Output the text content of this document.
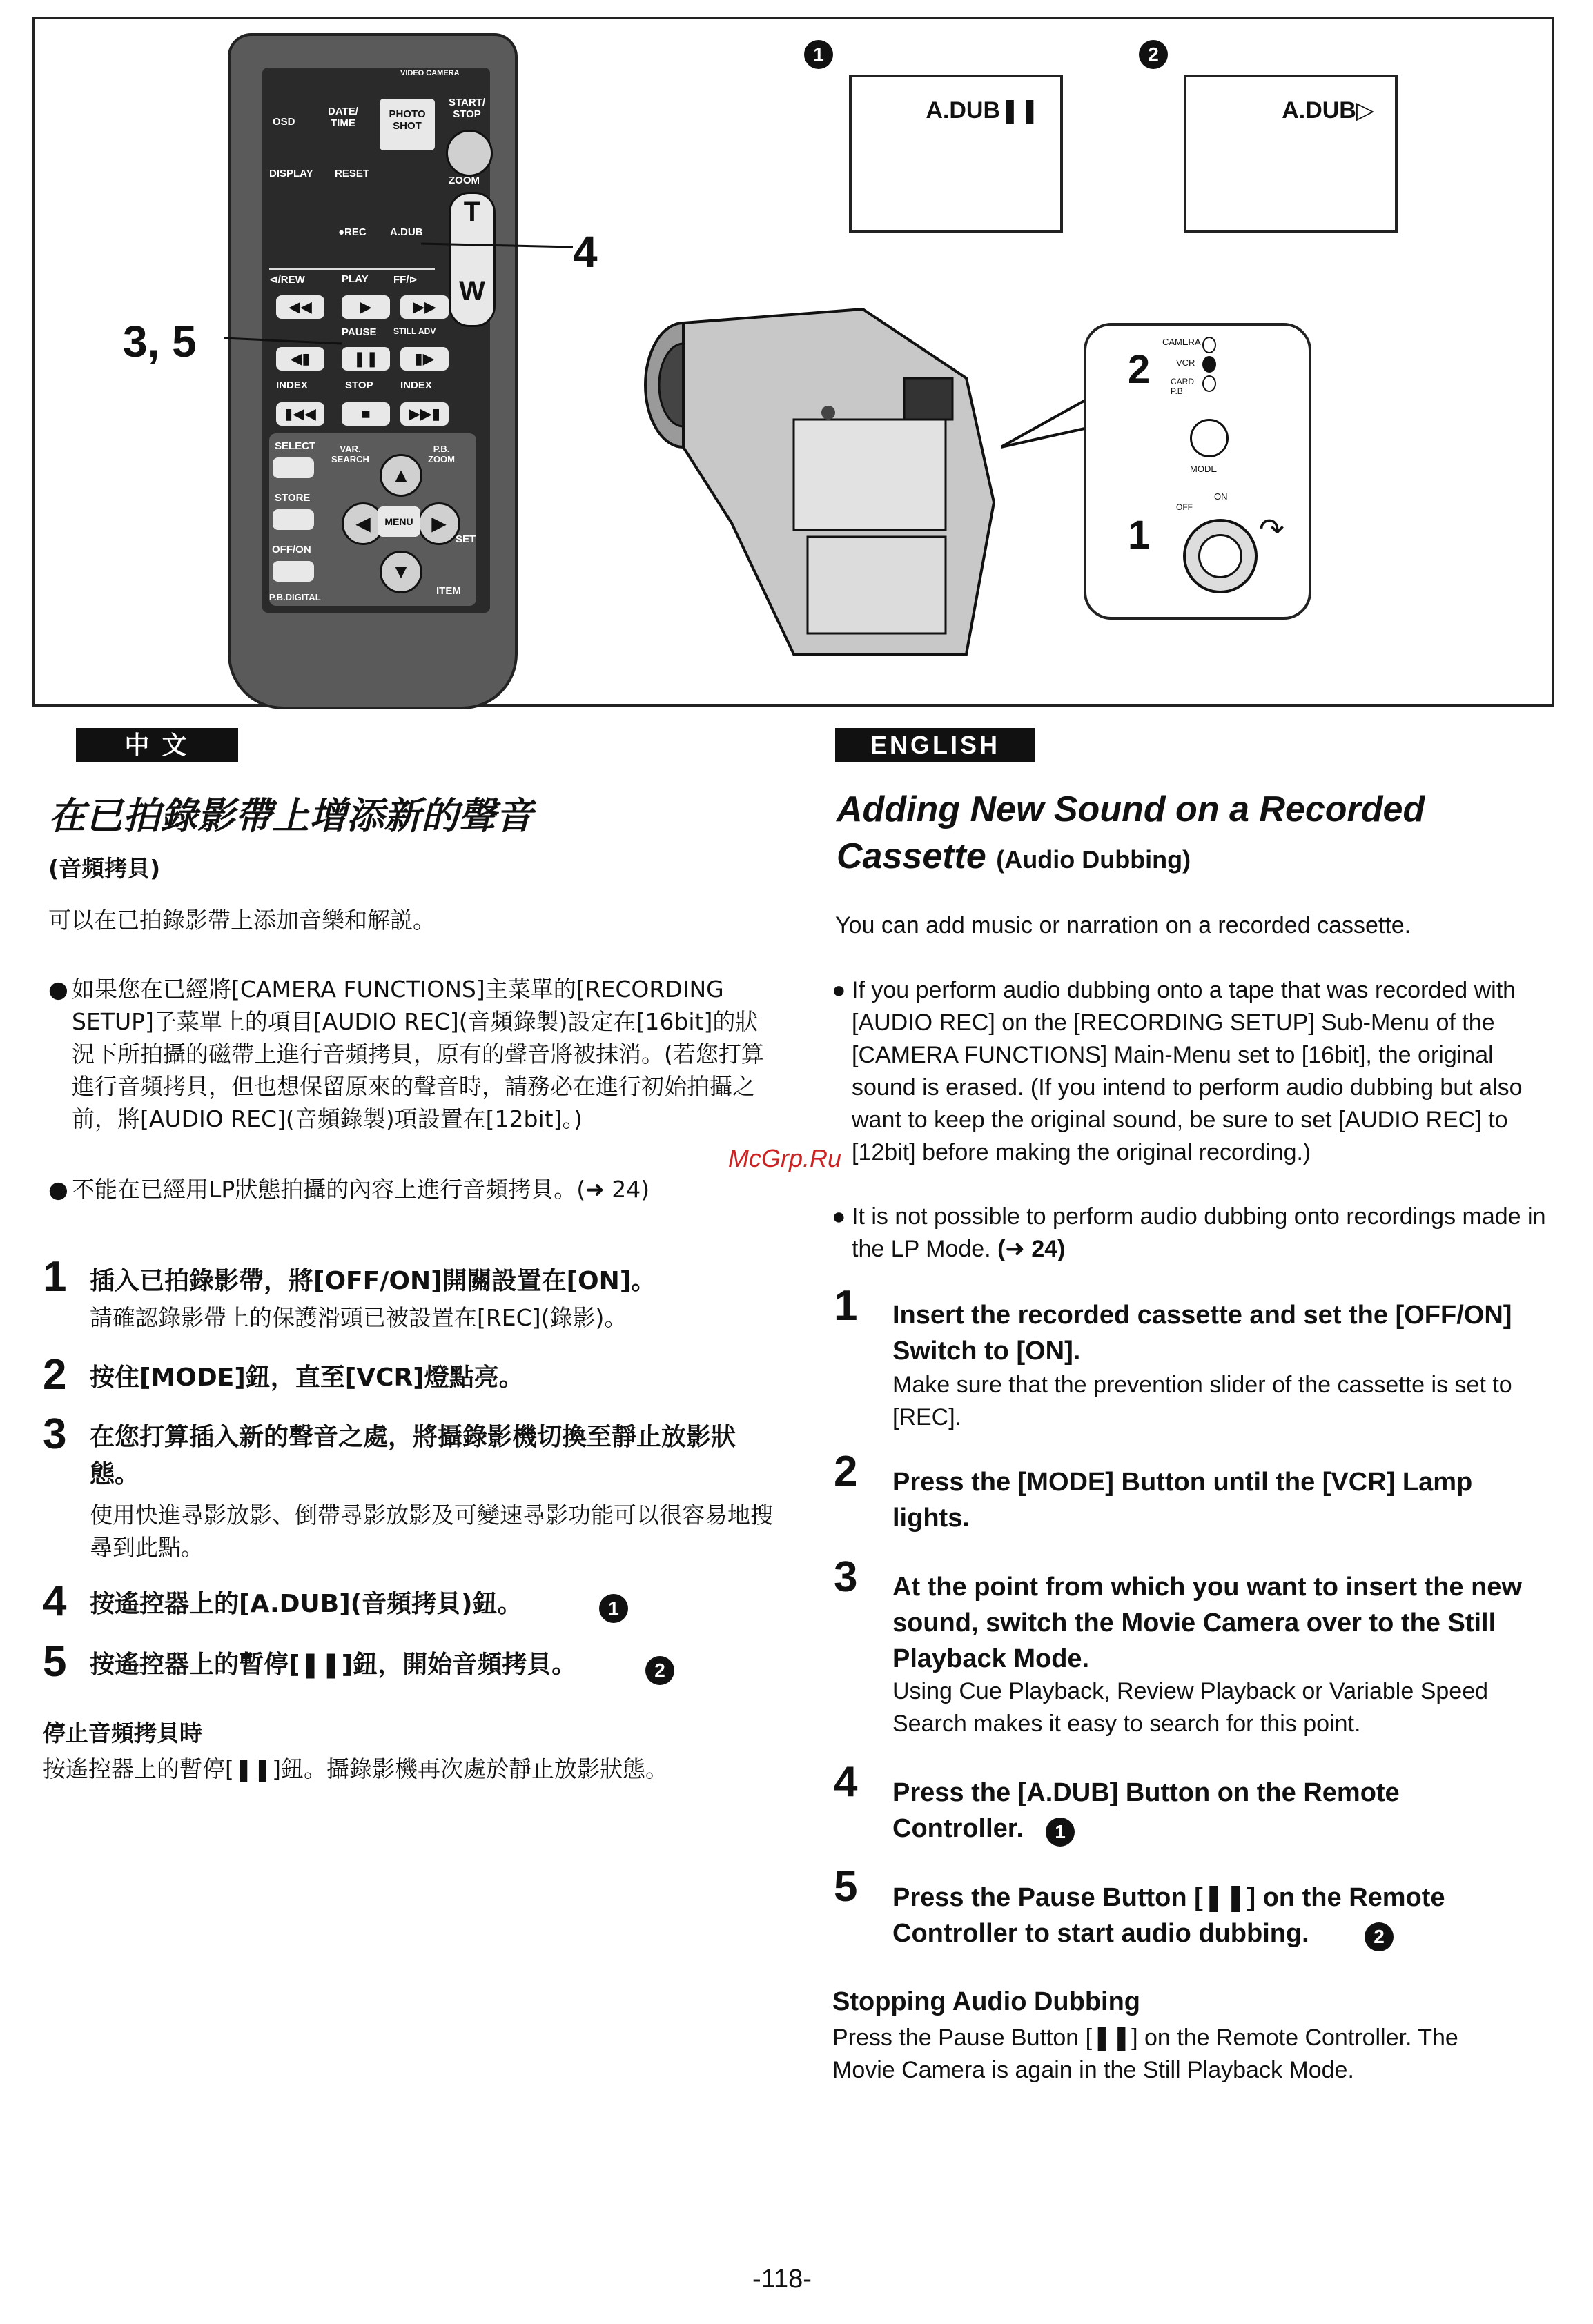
VIDEO CAMERA
OSD
DATE/
TIME
PHOTO
SHOT
START/
STOP
DISPLAY RESET
ZOOM
T
W
●REC A.DUB
⊲/REW	PLAY FF/⊳
◀◀	▶	▶▶
PAUSE STILL ADV
◀▮	❚❚	▮▶
INDEX	STOP	INDEX
▮◀◀	■	▶▶▮
SELECT
STORE
OFF/ON
P.B.DIGITAL
VAR.
SEARCH
P.B.
ZOOM
▲
◀	▶
▼
MENU
SET
ITEM
4
3, 5
1
A.DUB❚❚
2
A.DUB▷
CAMERA
VCR
CARD
P.B
2
MODE
ON
OFF
↷
1
中 文
在已拍錄影帶上增添新的聲音
(音頻拷貝)
可以在已拍錄影帶上添加音樂和解説。
● 如果您在已經將[CAMERA FUNCTIONS]主菜單的[RECORDING SETUP]子菜單上的項目[AUDIO REC](音頻錄製)設定在[16bit]的狀況下所拍攝的磁帶上進行音頻拷貝，原有的聲音將被抹消。(若您打算進行音頻拷貝，但也想保留原來的聲音時，請務必在進行初始拍攝之前，將[AUDIO REC](音頻錄製)項設置在[12bit]。)
● 不能在已經用LP狀態拍攝的內容上進行音頻拷貝。(➜ 24)
1 插入已拍錄影帶，將[OFF/ON]開關設置在[ON]。
請確認錄影帶上的保護滑頭已被設置在[REC](錄影)。
2 按住[MODE]鈕，直至[VCR]燈點亮。
3 在您打算插入新的聲音之處，將攝錄影機切換至靜止放影狀態。
使用快進尋影放影、倒帶尋影放影及可變速尋影功能可以很容易地搜尋到此點。
4 按遙控器上的[A.DUB](音頻拷貝)鈕。	1
5 按遙控器上的暫停[❚❚]鈕，開始音頻拷貝。	2
停止音頻拷貝時
按遙控器上的暫停[❚❚]鈕。攝錄影機再次處於靜止放影狀態。
ENGLISH
Adding New Sound on a Recorded
Cassette (Audio Dubbing)
You can add music or narration on a recorded cassette.
● If you perform audio dubbing onto a tape that was recorded with [AUDIO REC] on the [RECORDING SETUP] Sub-Menu of the [CAMERA FUNCTIONS] Main-Menu set to [16bit], the original sound is erased. (If you intend to perform audio dubbing but also want to keep the original sound, be sure to set [AUDIO REC] to [12bit] before making the original recording.)
● It is not possible to perform audio dubbing onto recordings made in the LP Mode. (➜ 24)
1 Insert the recorded cassette and set the [OFF/ON] Switch to [ON].
Make sure that the prevention slider of the cassette is set to [REC].
2 Press the [MODE] Button until the [VCR] Lamp lights.
3 At the point from which you want to insert the new sound, switch the Movie Camera over to the Still Playback Mode.
Using Cue Playback, Review Playback or Variable Speed Search makes it easy to search for this point.
4 Press the [A.DUB] Button on the Remote Controller.	1
5 Press the Pause Button [❚❚] on the Remote Controller to start audio dubbing.	2
Stopping Audio Dubbing
Press the Pause Button [❚❚] on the Remote Controller. The Movie Camera is again in the Still Playback Mode.
McGrp.Ru
-118-
